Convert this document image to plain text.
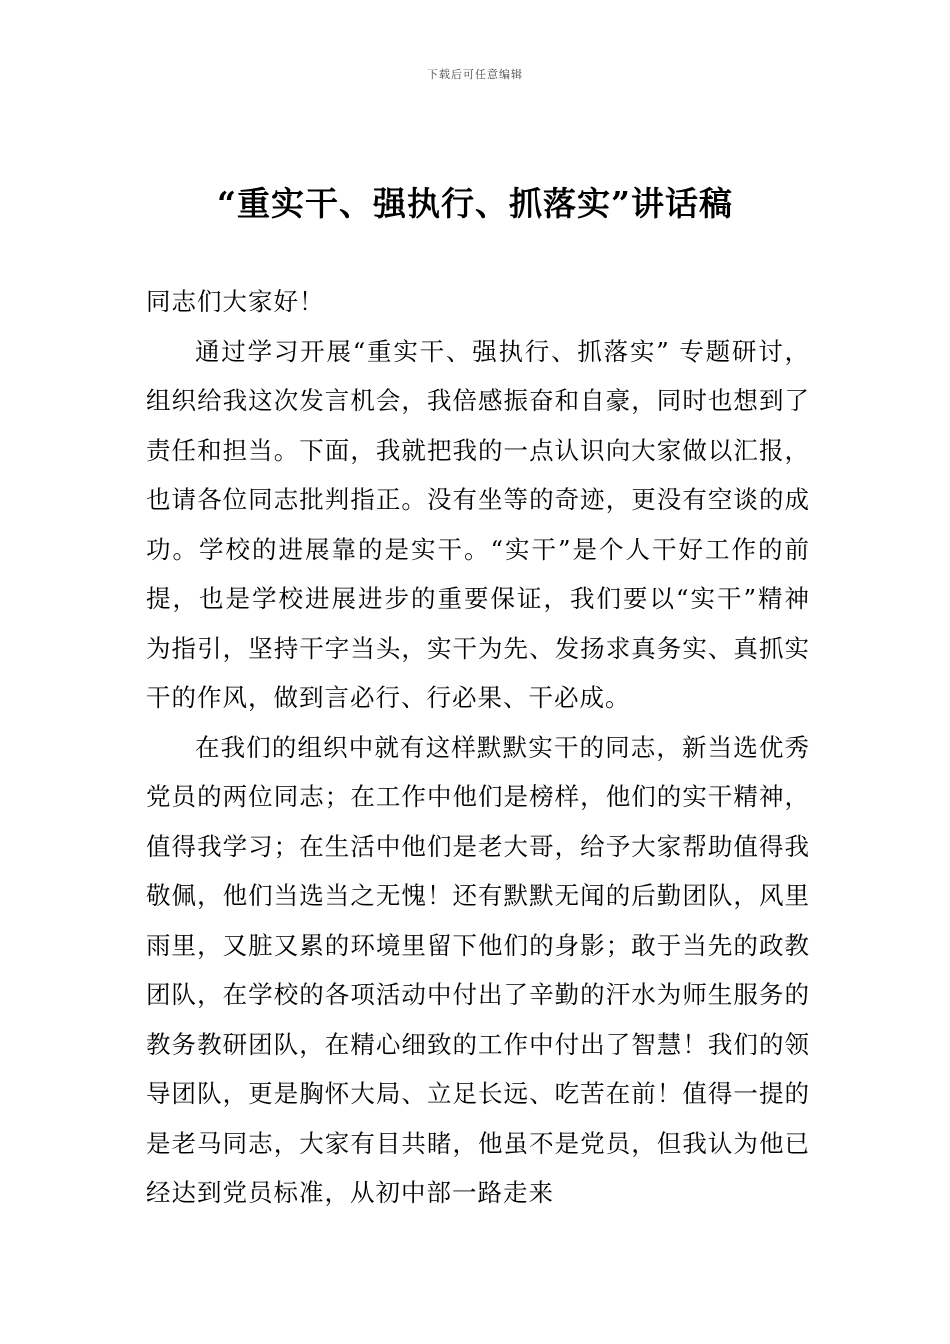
下载后可任意编辑
“重实干、强执行、抓落实”讲话稿

同志们大家好！

通过学习开展“重实干、强执行、抓落实” 专题研讨，组织给我这次发言机会，我倍感振奋和自豪，同时也想到了责任和担当。下面，我就把我的一点认识向大家做以汇报，也请各位同志批判指正。没有坐等的奇迹，更没有空谈的成功。学校的进展靠的是实干。“实干”是个人干好工作的前提，也是学校进展进步的重要保证，我们要以“实干”精神为指引，坚持干字当头，实干为先、发扬求真务实、真抓实干的作风，做到言必行、行必果、干必成。

在我们的组织中就有这样默默实干的同志，新当选优秀党员的两位同志；在工作中他们是榜样，他们的实干精神，值得我学习；在生活中他们是老大哥，给予大家帮助值得我敬佩，他们当选当之无愧！还有默默无闻的后勤团队，风里雨里，又脏又累的环境里留下他们的身影；敢于当先的政教团队，在学校的各项活动中付出了辛勤的汗水为师生服务的教务教研团队，在精心细致的工作中付出了智慧！我们的领导团队，更是胸怀大局、立足长远、吃苦在前！值得一提的是老马同志，大家有目共睹，他虽不是党员，但我认为他已经达到党员标准，从初中部一路走来
